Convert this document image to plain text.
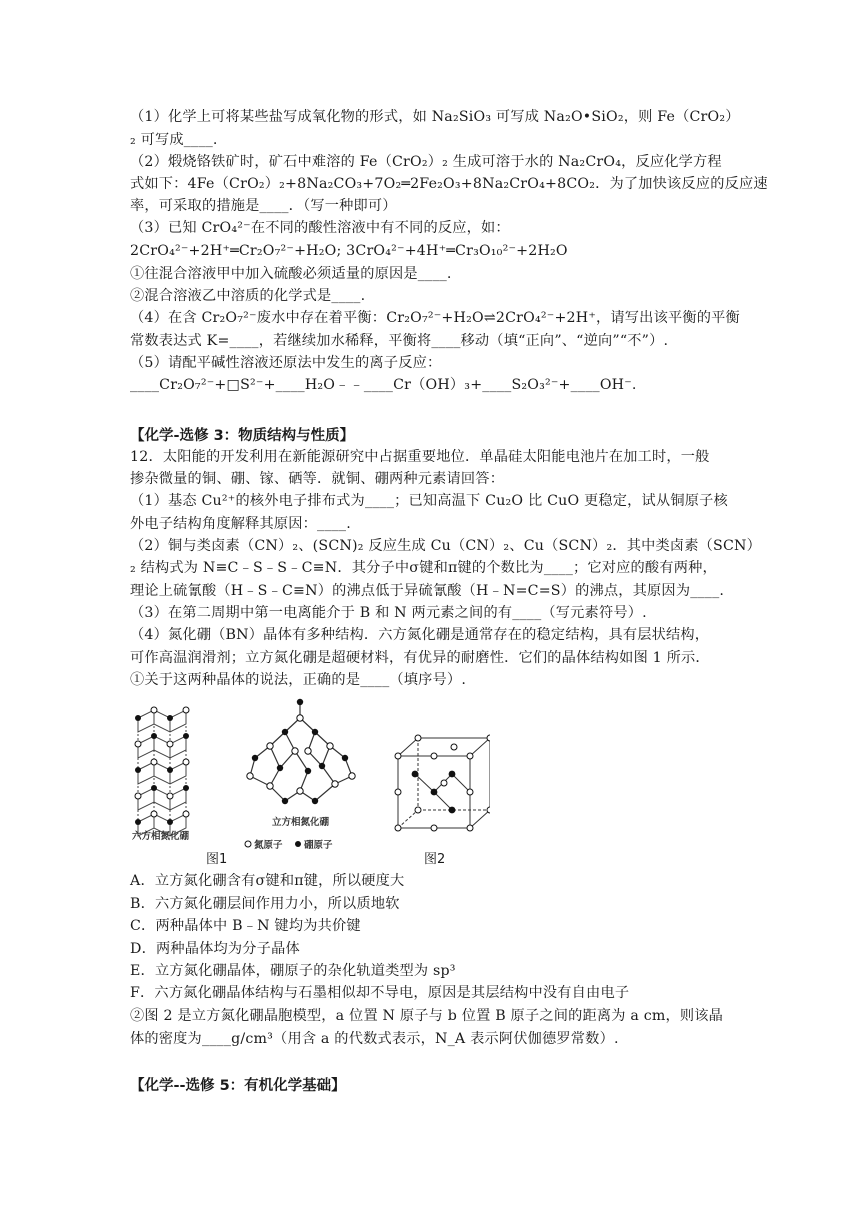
（1）化学上可将某些盐写成氧化物的形式，如 Na₂SiO₃ 可写成 Na₂O•SiO₂，则 Fe（CrO₂）
₂ 可写成____.
（2）煅烧铬铁矿时，矿石中难溶的 Fe（CrO₂）₂ 生成可溶于水的 Na₂CrO₄，反应化学方程
式如下：4Fe（CrO₂）₂+8Na₂CO₃+7O₂═2Fe₂O₃+8Na₂CrO₄+8CO₂．为了加快该反应的反应速
率，可采取的措施是____．（写一种即可）
（3）已知 CrO₄²⁻在不同的酸性溶液中有不同的反应，如：
2CrO₄²⁻+2H⁺═Cr₂O₇²⁻+H₂O; 3CrO₄²⁻+4H⁺═Cr₃O₁₀²⁻+2H₂O
①往混合溶液甲中加入硫酸必须适量的原因是____.
②混合溶液乙中溶质的化学式是____.
（4）在含 Cr₂O₇²⁻废水中存在着平衡：Cr₂O₇²⁻+H₂O⇌2CrO₄²⁻+2H⁺，请写出该平衡的平衡
常数表达式 K=____，若继续加水稀释，平衡将____移动（填“正向”、“逆向”“不”）.
（5）请配平碱性溶液还原法中发生的离子反应：
____Cr₂O₇²⁻+□S²⁻+____H₂O﹣﹣____Cr（OH）₃+____S₂O₃²⁻+____OH⁻.
【化学-选修 3：物质结构与性质】
12．太阳能的开发利用在新能源研究中占据重要地位．单晶硅太阳能电池片在加工时，一般
掺杂微量的铜、硼、镓、硒等．就铜、硼两种元素请回答：
（1）基态 Cu²⁺的核外电子排布式为____；已知高温下 Cu₂O 比 CuO 更稳定，试从铜原子核
外电子结构角度解释其原因：____.
（2）铜与类卤素（CN）₂、(SCN)₂ 反应生成 Cu（CN）₂、Cu（SCN）₂．其中类卤素（SCN）
₂ 结构式为 N≡C﹣S﹣S﹣C≡N．其分子中σ键和π键的个数比为____；它对应的酸有两种，
理论上硫氰酸（H﹣S﹣C≡N）的沸点低于异硫氰酸（H﹣N=C=S）的沸点，其原因为____.
（3）在第二周期中第一电离能介于 B 和 N 两元素之间的有____（写元素符号）.
（4）氮化硼（BN）晶体有多种结构．六方氮化硼是通常存在的稳定结构，具有层状结构，
可作高温润滑剂；立方氮化硼是超硬材料，有优异的耐磨性．它们的晶体结构如图 1 所示．
①关于这两种晶体的说法，正确的是____（填序号）.
六方相氮化硼
立方相氮化硼
氮原子 硼原子
图1	图2
A．立方氮化硼含有σ键和π键，所以硬度大
B．六方氮化硼层间作用力小，所以质地软
C．两种晶体中 B﹣N 键均为共价键
D．两种晶体均为分子晶体
E．立方氮化硼晶体，硼原子的杂化轨道类型为 sp³
F．六方氮化硼晶体结构与石墨相似却不导电，原因是其层结构中没有自由电子
②图 2 是立方氮化硼晶胞模型，a 位置 N 原子与 b 位置 B 原子之间的距离为 a cm，则该晶
体的密度为____g/cm³（用含 a 的代数式表示，N_A 表示阿伏伽德罗常数）.
【化学--选修 5：有机化学基础】
